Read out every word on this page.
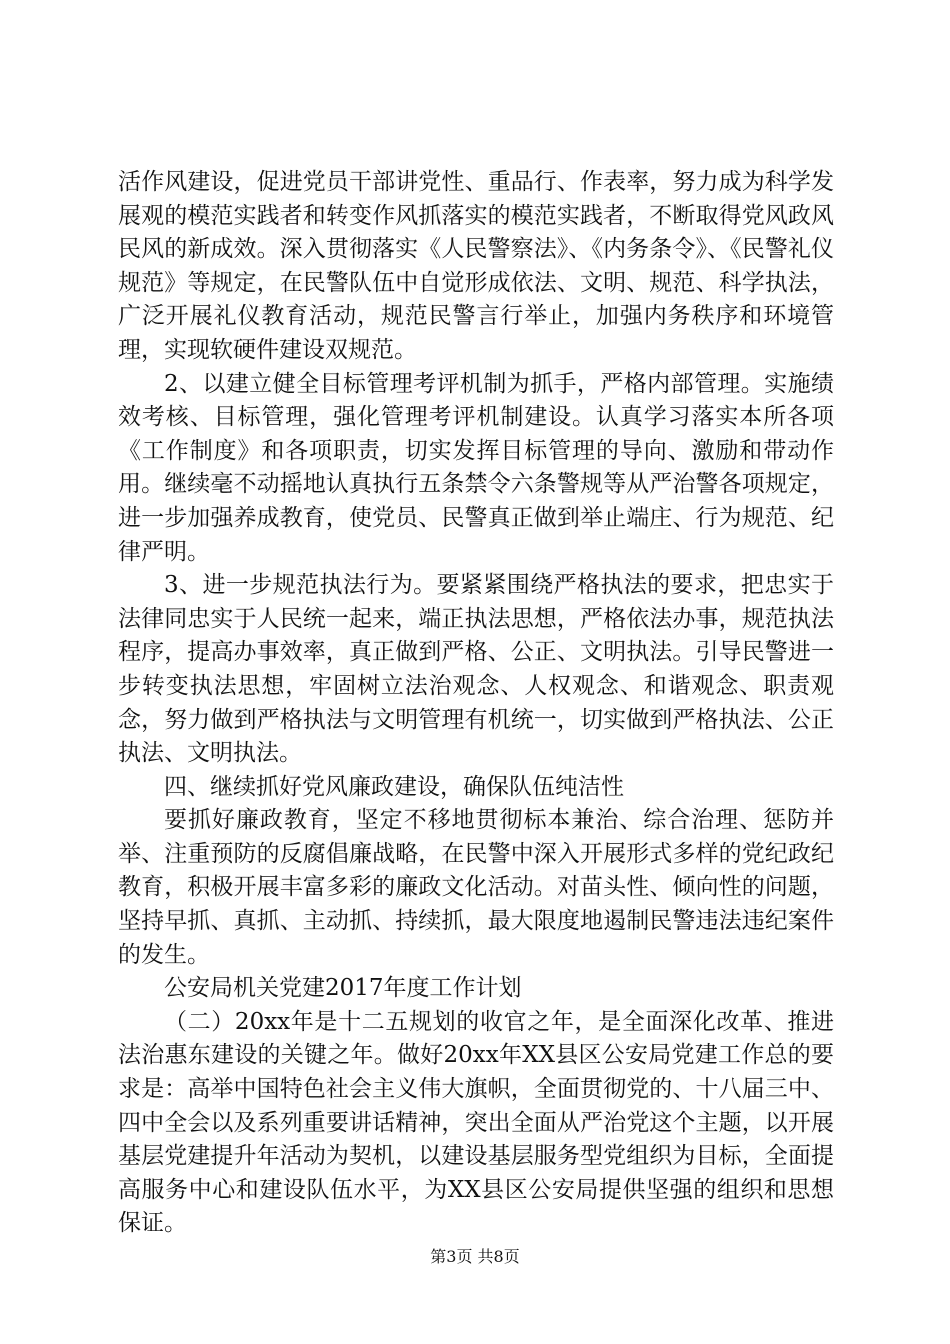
活作风建设，促进党员干部讲党性、重品行、作表率，努力成为科学发展观的模范实践者和转变作风抓落实的模范实践者，不断取得党风政风民风的新成效。深入贯彻落实《人民警察法》、《内务条令》、《民警礼仪规范》等规定，在民警队伍中自觉形成依法、文明、规范、科学执法，广泛开展礼仪教育活动，规范民警言行举止，加强内务秩序和环境管理，实现软硬件建设双规范。

2、以建立健全目标管理考评机制为抓手，严格内部管理。实施绩效考核、目标管理，强化管理考评机制建设。认真学习落实本所各项《工作制度》和各项职责，切实发挥目标管理的导向、激励和带动作用。继续毫不动摇地认真执行五条禁令六条警规等从严治警各项规定，进一步加强养成教育，使党员、民警真正做到举止端庄、行为规范、纪律严明。

3、进一步规范执法行为。要紧紧围绕严格执法的要求，把忠实于法律同忠实于人民统一起来，端正执法思想，严格依法办事，规范执法程序，提高办事效率，真正做到严格、公正、文明执法。引导民警进一步转变执法思想，牢固树立法治观念、人权观念、和谐观念、职责观念，努力做到严格执法与文明管理有机统一，切实做到严格执法、公正执法、文明执法。

四、继续抓好党风廉政建设，确保队伍纯洁性

要抓好廉政教育，坚定不移地贯彻标本兼治、综合治理、惩防并举、注重预防的反腐倡廉战略，在民警中深入开展形式多样的党纪政纪教育，积极开展丰富多彩的廉政文化活动。对苗头性、倾向性的问题，坚持早抓、真抓、主动抓、持续抓，最大限度地遏制民警违法违纪案件的发生。

公安局机关党建2017年度工作计划

（二）20xx年是十二五规划的收官之年，是全面深化改革、推进法治惠东建设的关键之年。做好20xx年XX县区公安局党建工作总的要求是：高举中国特色社会主义伟大旗帜，全面贯彻党的、十八届三中、四中全会以及系列重要讲话精神，突出全面从严治党这个主题，以开展基层党建提升年活动为契机，以建设基层服务型党组织为目标，全面提高服务中心和建设队伍水平，为XX县区公安局提供坚强的组织和思想保证。

第3页 共8页
